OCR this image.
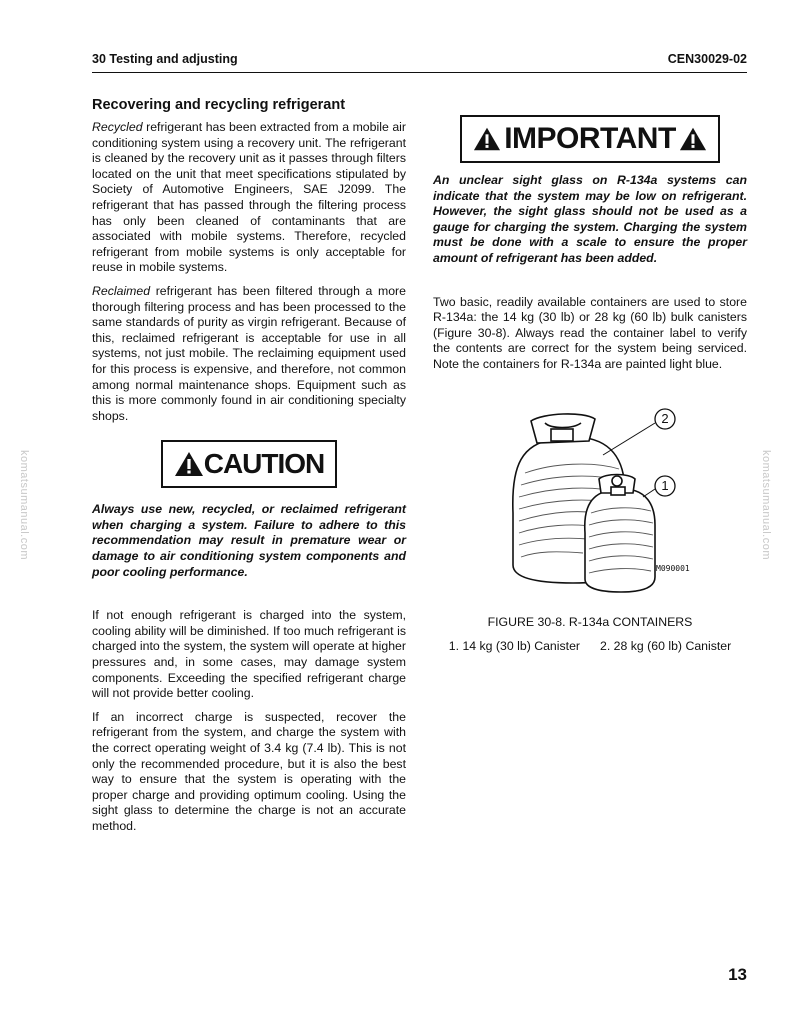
30 Testing and adjusting	CEN30029-02
komatsumanual.com	komatsumanual.com
Recovering and recycling refrigerant

Recycled refrigerant has been extracted from a mobile air conditioning system using a recovery unit. The refrigerant is cleaned by the recovery unit as it passes through filters located on the unit that meet specifications stipulated by Society of Automotive Engineers, SAE J2099. The refrigerant that has passed through the filtering process has only been cleaned of contaminants that are associated with mobile systems. Therefore, recycled refrigerant from mobile systems is only acceptable for reuse in mobile systems.

Reclaimed refrigerant has been filtered through a more thorough filtering process and has been processed to the same standards of purity as virgin refrigerant. Because of this, reclaimed refrigerant is acceptable for use in all systems, not just mobile. The reclaiming equipment used for this process is expensive, and therefore, not common among normal maintenance shops. Equipment such as this is more commonly found in air conditioning specialty shops.

CAUTION

Always use new, recycled, or reclaimed refrigerant when charging a system. Failure to adhere to this recommendation may result in premature wear or damage to air conditioning system components and poor cooling performance.

If not enough refrigerant is charged into the system, cooling ability will be diminished. If too much refrigerant is charged into the system, the system will operate at higher pressures and, in some cases, may damage system components. Exceeding the specified refrigerant charge will not provide better cooling.

If an incorrect charge is suspected, recover the refrigerant from the system, and charge the system with the correct operating weight of 3.4 kg (7.4 lb). This is not only the recommended procedure, but it is also the best way to ensure that the system is operating with the proper charge and providing optimum cooling. Using the sight glass to determine the charge is not an accurate method.

IMPORTANT

An unclear sight glass on R-134a systems can indicate that the system may be low on refrigerant. However, the sight glass should not be used as a gauge for charging the system. Charging the system must be done with a scale to ensure the proper amount of refrigerant has been added.

Two basic, readily available containers are used to store R-134a: the 14 kg (30 lb) or 28 kg (60 lb) bulk canisters (Figure 30-8). Always read the container label to verify the contents are correct for the system being serviced. Note the containers for R-134a are painted light blue.

2
1
M090001

FIGURE 30-8. R-134a CONTAINERS

1. 14 kg (30 lb) Canister 2. 28 kg (60 lb) Canister
13
